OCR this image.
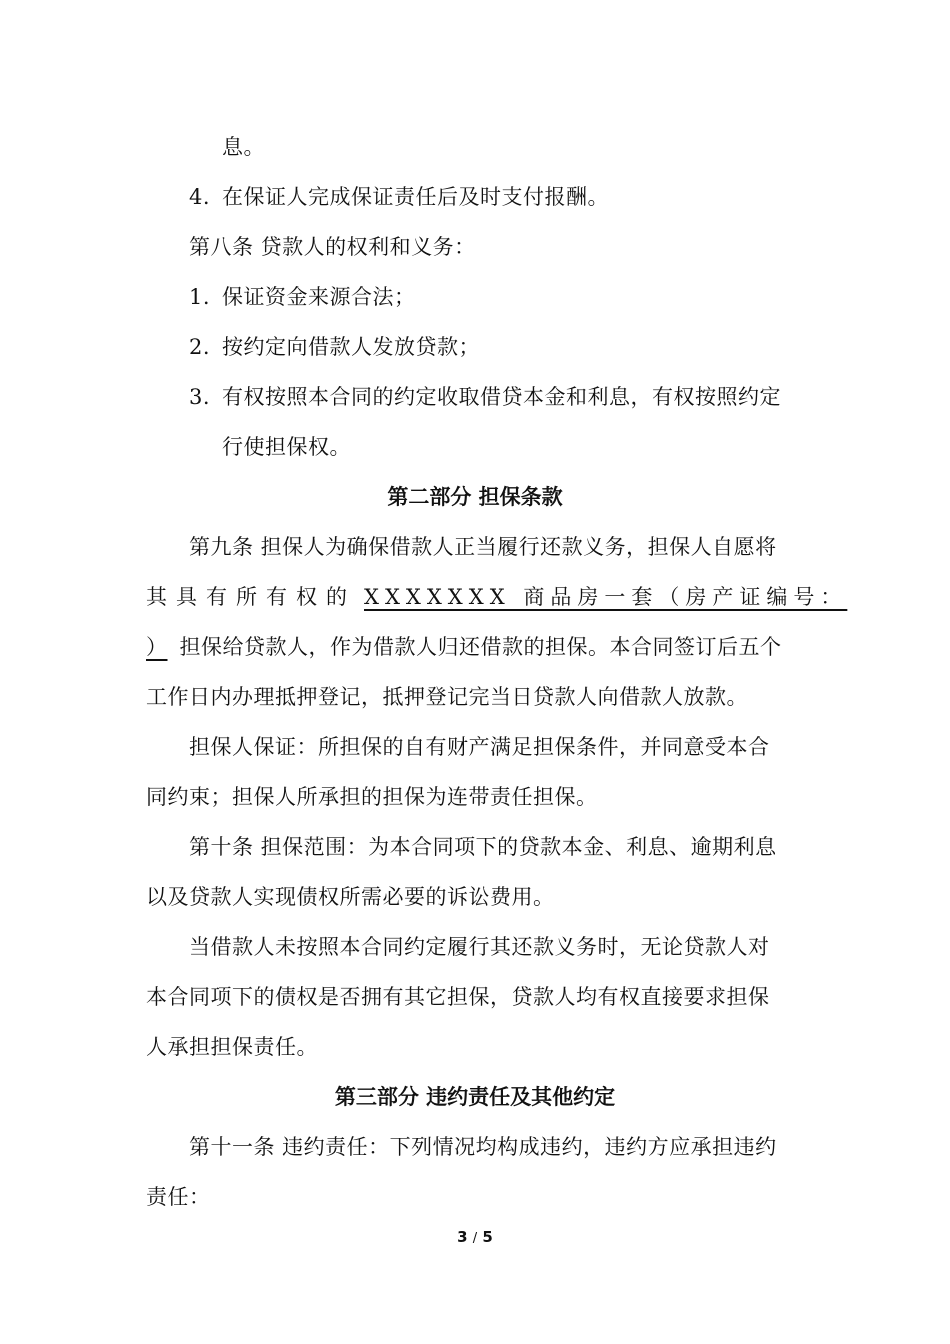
息。
4. 在保证人完成保证责任后及时支付报酬。
第八条 贷款人的权利和义务：
1. 保证资金来源合法；
2. 按约定向借款人发放贷款；
3. 有权按照本合同的约定收取借贷本金和利息，有权按照约定
行使担保权。
第二部分 担保条款
第九条 担保人为确保借款人正当履行还款义务，担保人自愿将
其具有所有权的 XXXXXXX 商品房一套（房产证编号：
） 担保给贷款人，作为借款人归还借款的担保。本合同签订后五个
工作日内办理抵押登记，抵押登记完当日贷款人向借款人放款。
担保人保证：所担保的自有财产满足担保条件，并同意受本合
同约束；担保人所承担的担保为连带责任担保。
第十条 担保范围：为本合同项下的贷款本金、利息、逾期利息
以及贷款人实现债权所需必要的诉讼费用。
当借款人未按照本合同约定履行其还款义务时，无论贷款人对
本合同项下的债权是否拥有其它担保，贷款人均有权直接要求担保
人承担担保责任。
第三部分 违约责任及其他约定
第十一条 违约责任：下列情况均构成违约，违约方应承担违约
责任：
3 / 5
